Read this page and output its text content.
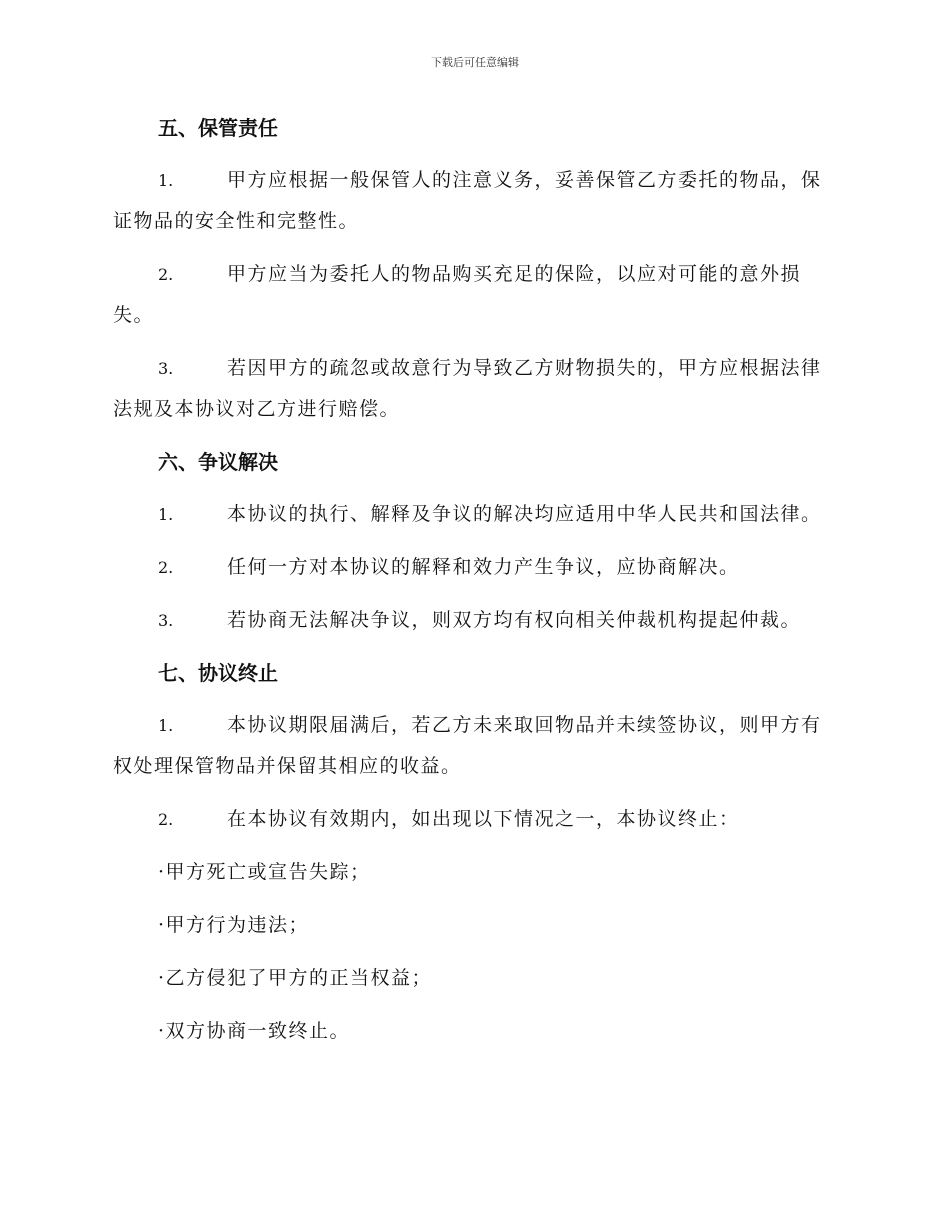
下载后可任意编辑
五、保管责任
1.	甲方应根据一般保管人的注意义务，妥善保管乙方委托的物品，保证物品的安全性和完整性。
2.	甲方应当为委托人的物品购买充足的保险，以应对可能的意外损失。
3.	若因甲方的疏忽或故意行为导致乙方财物损失的，甲方应根据法律法规及本协议对乙方进行赔偿。
六、争议解决
1.	本协议的执行、解释及争议的解决均应适用中华人民共和国法律。
2.	任何一方对本协议的解释和效力产生争议，应协商解决。
3.	若协商无法解决争议，则双方均有权向相关仲裁机构提起仲裁。
七、协议终止
1.	本协议期限届满后，若乙方未来取回物品并未续签协议，则甲方有权处理保管物品并保留其相应的收益。
2.	在本协议有效期内，如出现以下情况之一，本协议终止：
·甲方死亡或宣告失踪；
·甲方行为违法；
·乙方侵犯了甲方的正当权益；
·双方协商一致终止。
